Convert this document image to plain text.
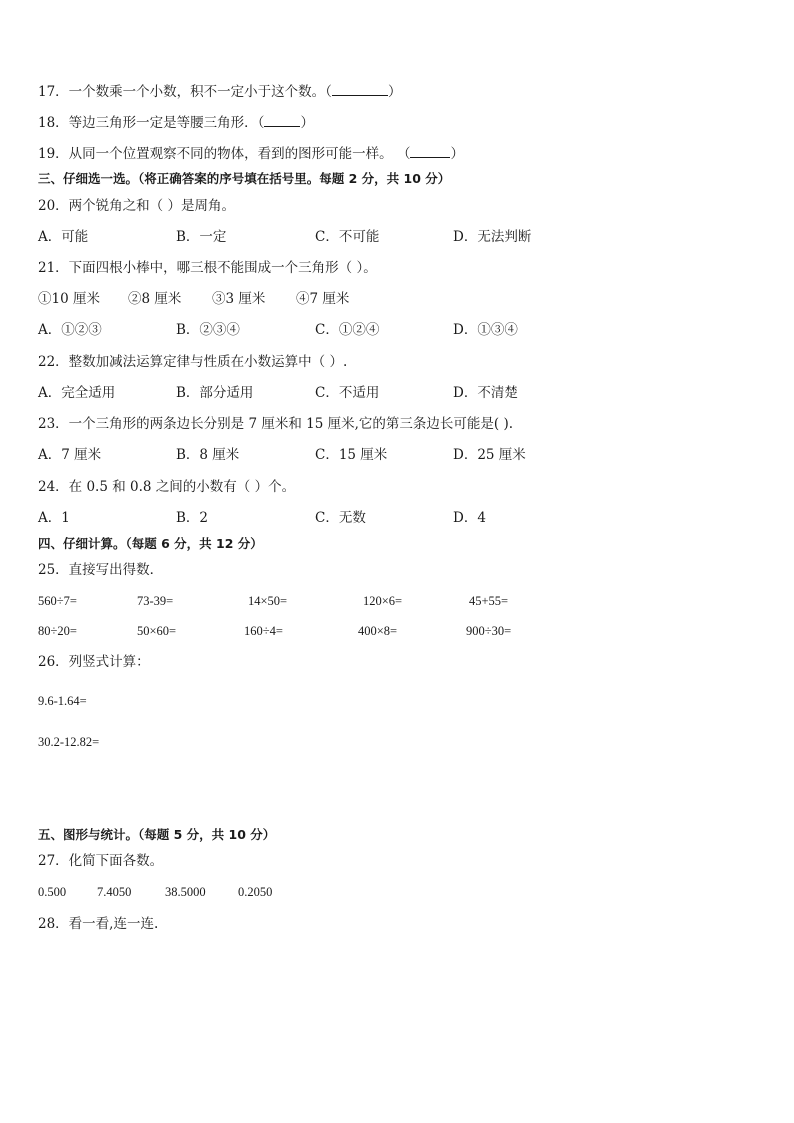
17．一个数乘一个小数，积不一定小于这个数。（	）
18．等边三角形一定是等腰三角形．（	）
19．从同一个位置观察不同的物体，看到的图形可能一样。 （	）
三、仔细选一选。（将正确答案的序号填在括号里。每题 2 分，共 10 分）
20．两个锐角之和（ ）是周角。
A．可能	B．一定	C．不可能	D．无法判断
21．下面四根小棒中，哪三根不能围成一个三角形（ ）。
①10 厘米 ②8 厘米 ③3 厘米 ④7 厘米
A．①②③	B．②③④	C．①②④	D．①③④
22．整数加减法运算定律与性质在小数运算中（ ）.
A．完全适用	B．部分适用	C．不适用	D．不清楚
23．一个三角形的两条边长分别是 7 厘米和 15 厘米,它的第三条边长可能是( ).
A．7 厘米	B．8 厘米	C．15 厘米	D．25 厘米
24．在 0.5 和 0.8 之间的小数有（ ）个。
A．1	B．2	C．无数	D．4
四、仔细计算。（每题 6 分，共 12 分）
25．直接写出得数．
560÷7=	73-39=	14×50=	120×6=	45+55=
80÷20=	50×60=	160÷4=	400×8=	900÷30=
26．列竖式计算：
9.6-1.64=
30.2-12.82=
五、图形与统计。（每题 5 分，共 10 分）
27．化简下面各数。
0.500 7.4050	38.5000	0.2050
28．看一看,连一连.
